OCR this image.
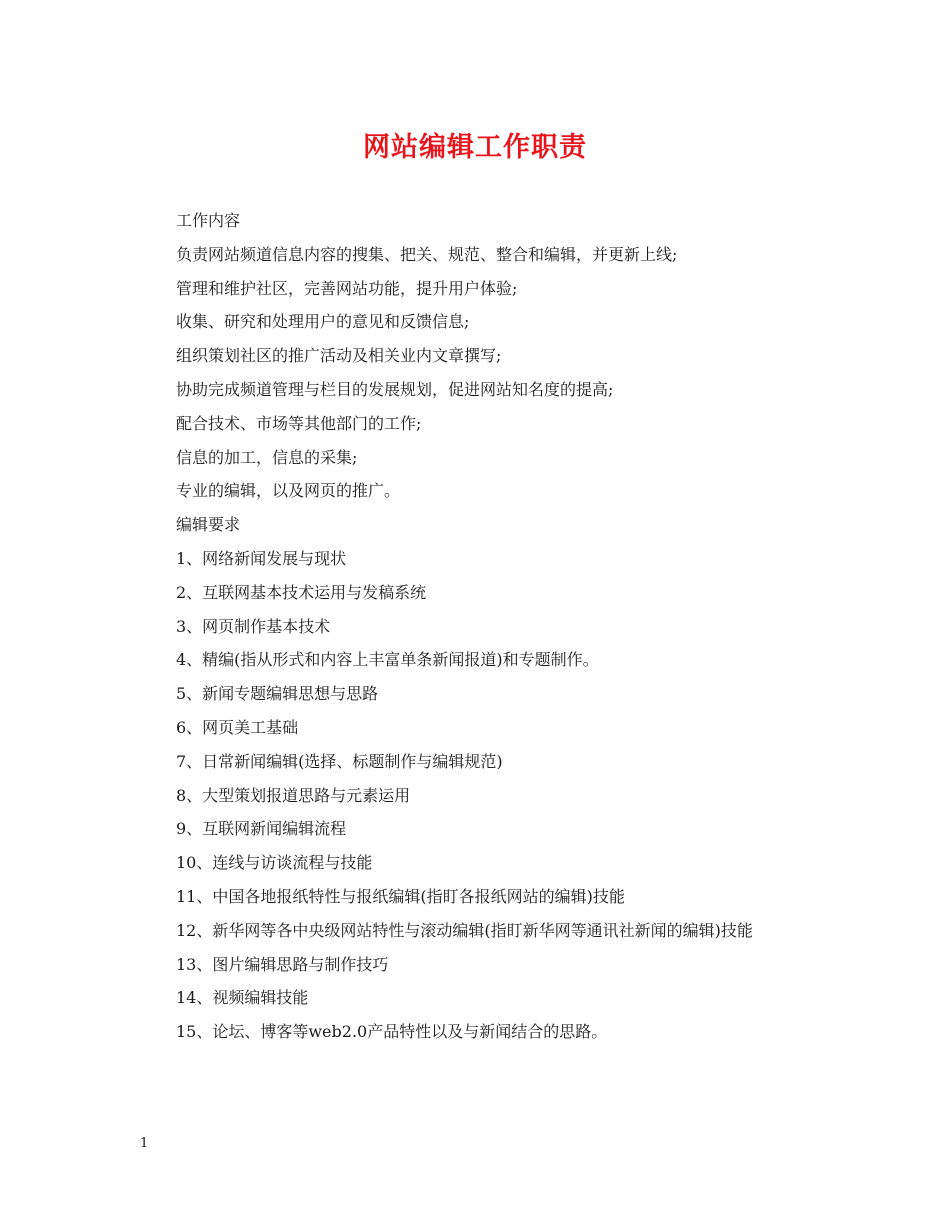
网站编辑工作职责

工作内容

负责网站频道信息内容的搜集、把关、规范、整合和编辑，并更新上线;

管理和维护社区，完善网站功能，提升用户体验;

收集、研究和处理用户的意见和反馈信息;

组织策划社区的推广活动及相关业内文章撰写;

协助完成频道管理与栏目的发展规划，促进网站知名度的提高;

配合技术、市场等其他部门的工作;

信息的加工，信息的采集;

专业的编辑，以及网页的推广。

编辑要求

1、网络新闻发展与现状

2、互联网基本技术运用与发稿系统

3、网页制作基本技术

4、精编(指从形式和内容上丰富单条新闻报道)和专题制作。

5、新闻专题编辑思想与思路

6、网页美工基础

7、日常新闻编辑(选择、标题制作与编辑规范)

8、大型策划报道思路与元素运用

9、互联网新闻编辑流程

10、连线与访谈流程与技能

11、中国各地报纸特性与报纸编辑(指盯各报纸网站的编辑)技能

12、新华网等各中央级网站特性与滚动编辑(指盯新华网等通讯社新闻的编辑)技能

13、图片编辑思路与制作技巧

14、视频编辑技能

15、论坛、博客等web2.0产品特性以及与新闻结合的思路。

1
